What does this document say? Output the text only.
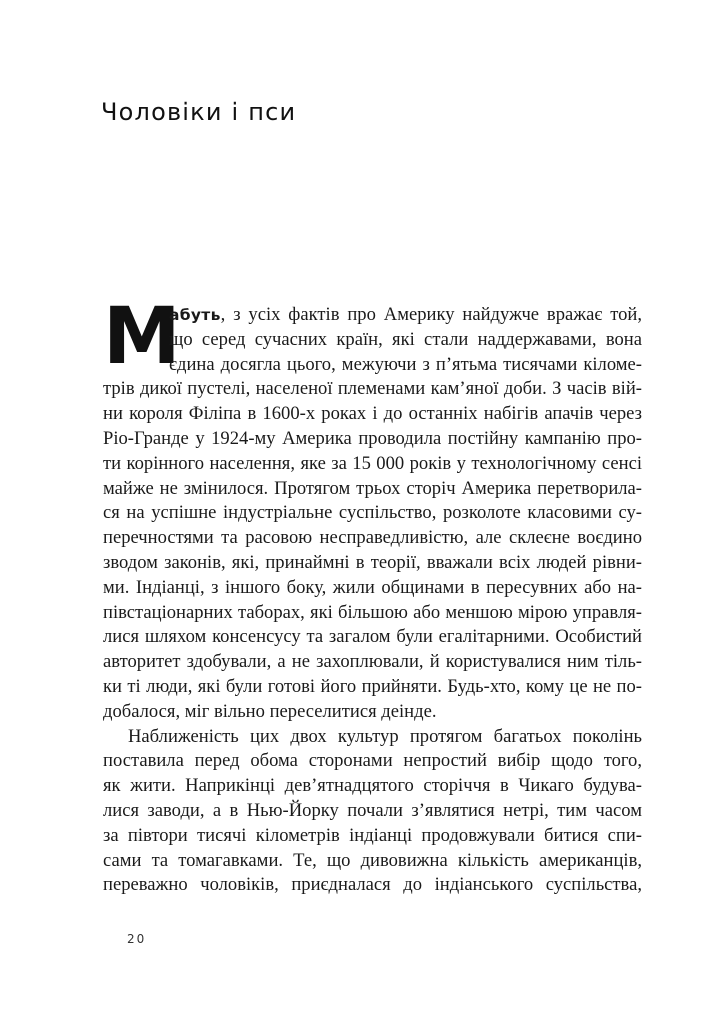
Чоловіки і пси
М
абуть, з усіх фактів про Америку найдужче вражає той,
що серед сучасних країн, які стали наддержавами, вона
єдина досягла цього, межуючи з п’ятьма тисячами кіломе-
трів дикої пустелі, населеної племенами кам’яної доби. З часів вій-
ни короля Філіпа в 1600-х роках і до останніх набігів апачів через
Ріо-Гранде у 1924-му Америка проводила постійну кампанію про-
ти корінного населення, яке за 15 000 років у технологічному сенсі
майже не змінилося. Протягом трьох сторіч Америка перетворила-
ся на успішне індустріальне суспільство, розколоте класовими су-
перечностями та расовою несправедливістю, але склеєне воєдино
зводом законів, які, принаймні в теорії, вважали всіх людей рівни-
ми. Індіанці, з іншого боку, жили общинами в пересувних або на-
півстаціонарних таборах, які більшою або меншою мірою управля-
лися шляхом консенсусу та загалом були егалітарними. Особистий
авторитет здобували, а не захоплювали, й користувалися ним тіль-
ки ті люди, які були готові його прийняти. Будь-хто, кому це не по-
добалося, міг вільно переселитися деінде.
Наближеність цих двох культур протягом багатьох поколінь
поставила перед обома сторонами непростий вибір щодо того,
як жити. Наприкінці дев’ятнадцятого сторіччя в Чикаго будува-
лися заводи, а в Нью-Йорку почали з’являтися нетрі, тим часом
за півтори тисячі кілометрів індіанці продовжували битися спи-
сами та томагавками. Те, що дивовижна кількість американців,
переважно чоловіків, приєдналася до індіанського суспільства,
20
